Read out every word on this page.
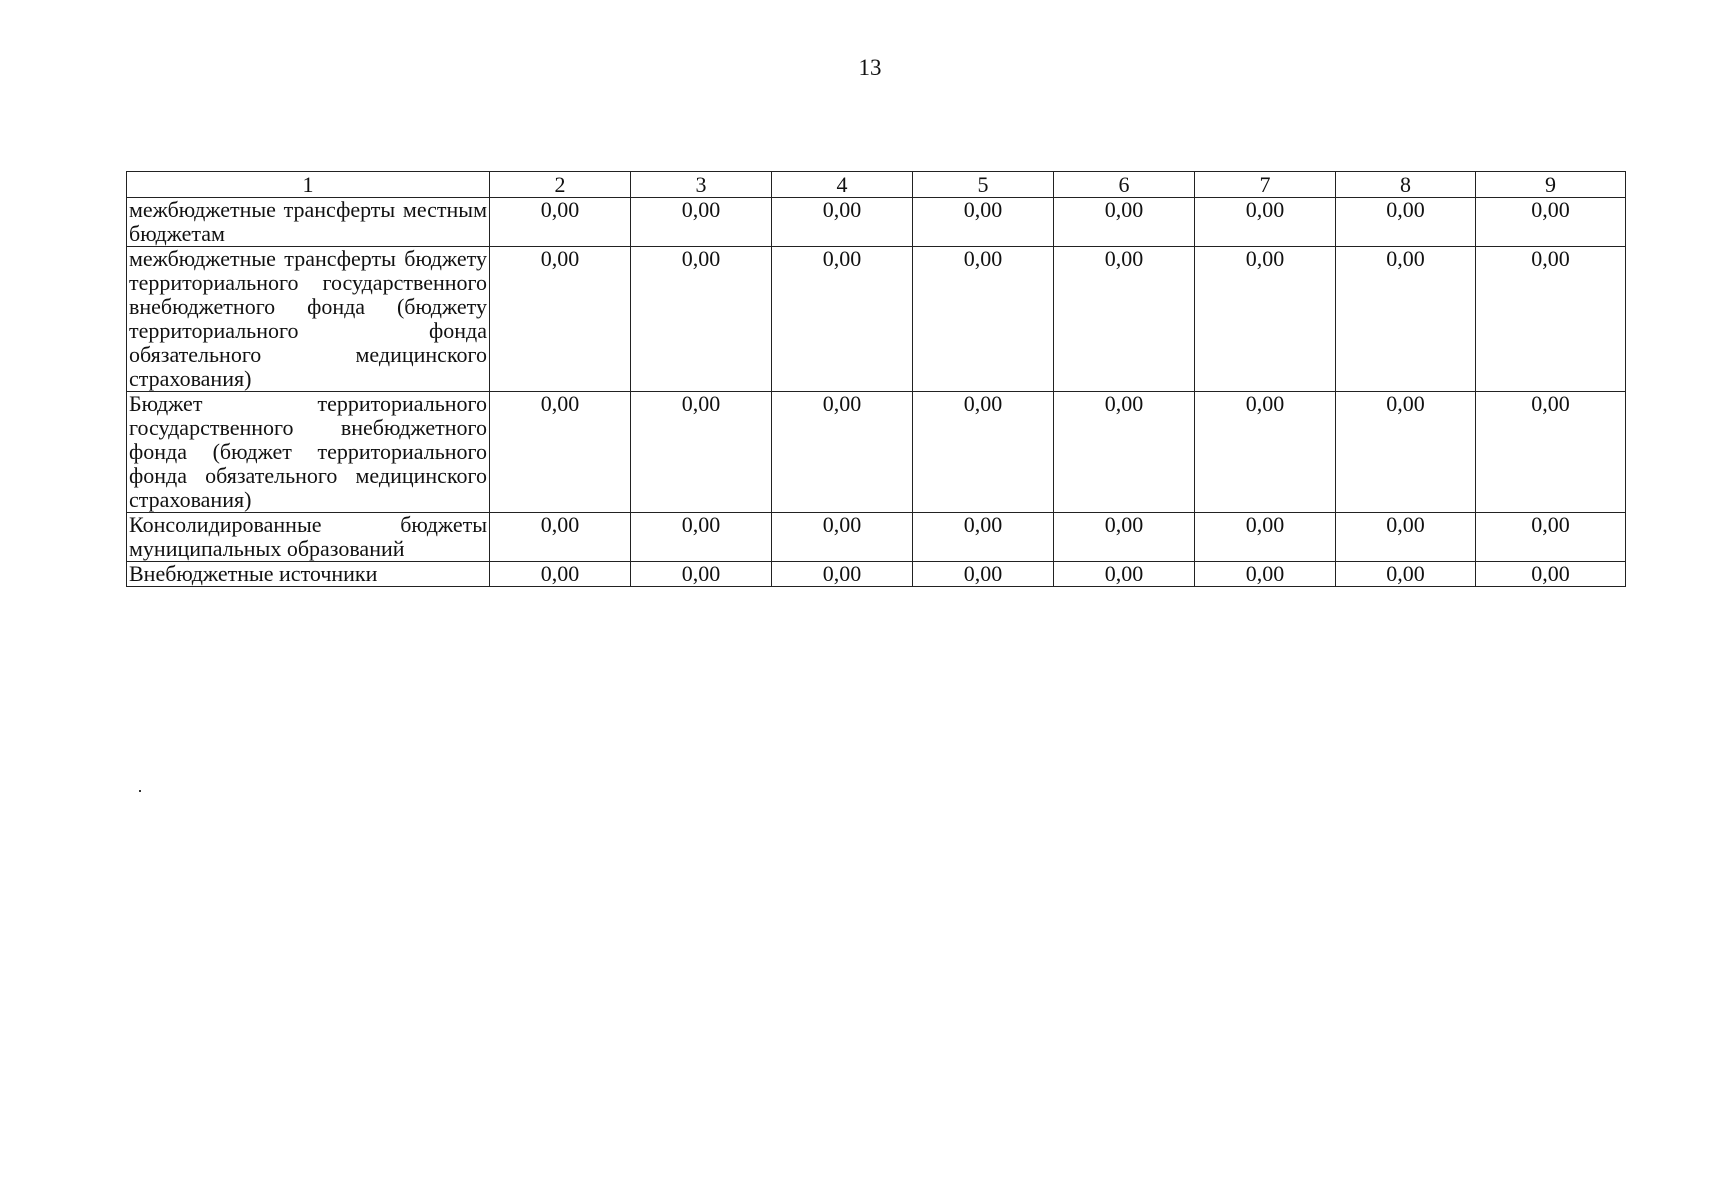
13
1	2	3	4	5	6	7	8	9
межбюджетные трансферты местным бюджетам	0,00	0,00	0,00	0,00	0,00	0,00	0,00	0,00
межбюджетные трансферты бюджету территориального государственного внебюджетного фонда (бюджету территориального фонда обязательного медицинского страхования)	0,00	0,00	0,00	0,00	0,00	0,00	0,00	0,00
Бюджет территориального государственного внебюджетного фонда (бюджет территориального фонда обязательного медицинского страхования)	0,00	0,00	0,00	0,00	0,00	0,00	0,00	0,00
Консолидированные бюджеты муниципальных образований	0,00	0,00	0,00	0,00	0,00	0,00	0,00	0,00
Внебюджетные источники	0,00	0,00	0,00	0,00	0,00	0,00	0,00	0,00
